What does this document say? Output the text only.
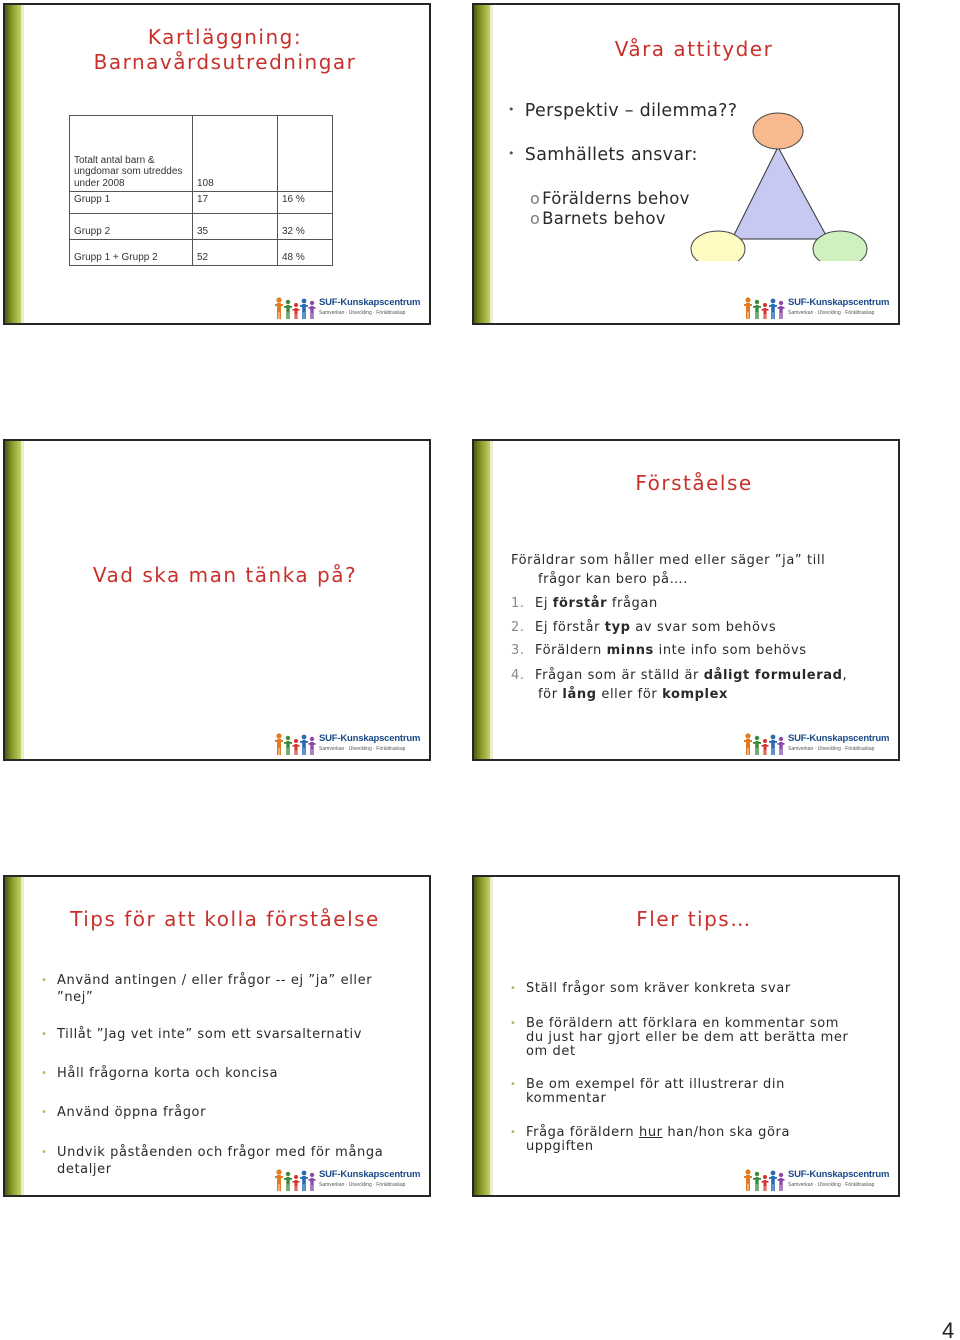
Kartläggning:
Barnavårdsutredningar
Totalt antal barn & ungdomar som utreddes under 2008	108	
Grupp 1	17	16 %
Grupp 2	35	32 %
Grupp 1 + Grupp 2	52	48 %
SUF-Kunskapscentrum
Samverkan · Utveckling · Föräldraskap
Våra attityder
• Perspektiv – dilemma??
• Samhällets ansvar:
o Förälderns behov
o Barnets behov
SUF-Kunskapscentrum
Samverkan · Utveckling · Föräldraskap
Vad ska man tänka på?
SUF-Kunskapscentrum
Samverkan · Utveckling · Föräldraskap
Förståelse
Föräldrar som håller med eller säger ”ja” till
frågor kan bero på….
1. Ej förstår frågan
2. Ej förstår typ av svar som behövs
3. Föräldern minns inte info som behövs
4. Frågan som är ställd är dåligt formulerad,
för lång eller för komplex
SUF-Kunskapscentrum
Samverkan · Utveckling · Föräldraskap
Tips för att kolla förståelse
• Använd antingen / eller frågor -- ej ”ja” eller
”nej”
• Tillåt ”Jag vet inte” som ett svarsalternativ
• Håll frågorna korta och koncisa
• Använd öppna frågor
• Undvik påståenden och frågor med för många
detaljer	SUF-Kunskapscentrum
Samverkan · Utveckling · Föräldraskap
Fler tips…
• Ställ frågor som kräver konkreta svar
• Be föräldern att förklara en kommentar som
du just har gjort eller be dem att berätta mer
om det
• Be om exempel för att illustrerar din
kommentar
• Fråga föräldern hur han/hon ska göra
uppgiften
SUF-Kunskapscentrum
Samverkan · Utveckling · Föräldraskap
4
